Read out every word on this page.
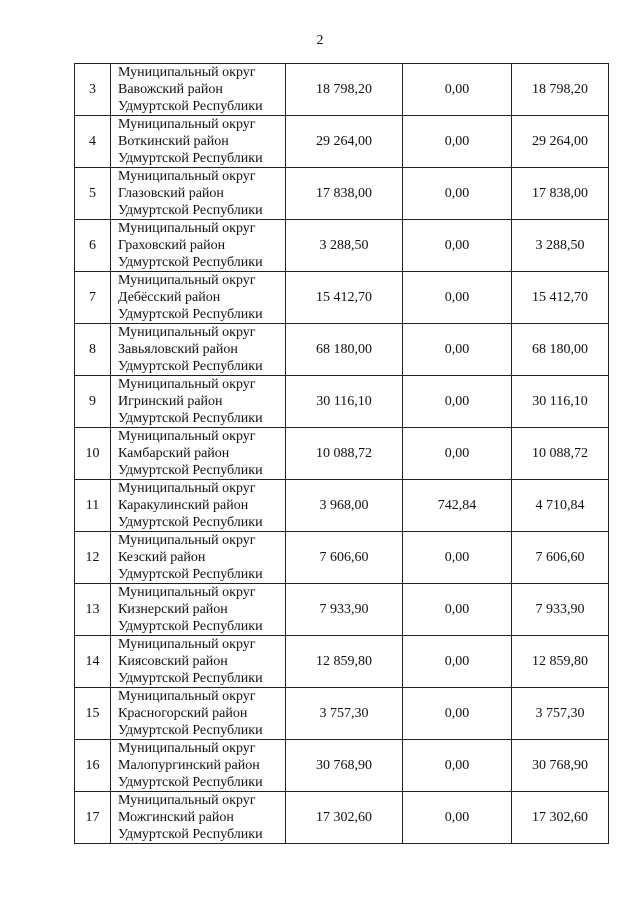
2
3	Муниципальный округ
Вавожский район
Удмуртской Республики	18 798,20	0,00	18 798,20
4	Муниципальный округ
Воткинский район
Удмуртской Республики	29 264,00	0,00	29 264,00
5	Муниципальный округ
Глазовский район
Удмуртской Республики	17 838,00	0,00	17 838,00
6	Муниципальный округ
Граховский район
Удмуртской Республики	3 288,50	0,00	3 288,50
7	Муниципальный округ
Дебёсский район
Удмуртской Республики	15 412,70	0,00	15 412,70
8	Муниципальный округ
Завьяловский район
Удмуртской Республики	68 180,00	0,00	68 180,00
9	Муниципальный округ
Игринский район
Удмуртской Республики	30 116,10	0,00	30 116,10
10	Муниципальный округ
Камбарский район
Удмуртской Республики	10 088,72	0,00	10 088,72
11	Муниципальный округ
Каракулинский район
Удмуртской Республики	3 968,00	742,84	4 710,84
12	Муниципальный округ
Кезский район
Удмуртской Республики	7 606,60	0,00	7 606,60
13	Муниципальный округ
Кизнерский район
Удмуртской Республики	7 933,90	0,00	7 933,90
14	Муниципальный округ
Киясовский район
Удмуртской Республики	12 859,80	0,00	12 859,80
15	Муниципальный округ
Красногорский район
Удмуртской Республики	3 757,30	0,00	3 757,30
16	Муниципальный округ
Малопургинский район
Удмуртской Республики	30 768,90	0,00	30 768,90
17	Муниципальный округ
Можгинский район
Удмуртской Республики	17 302,60	0,00	17 302,60
